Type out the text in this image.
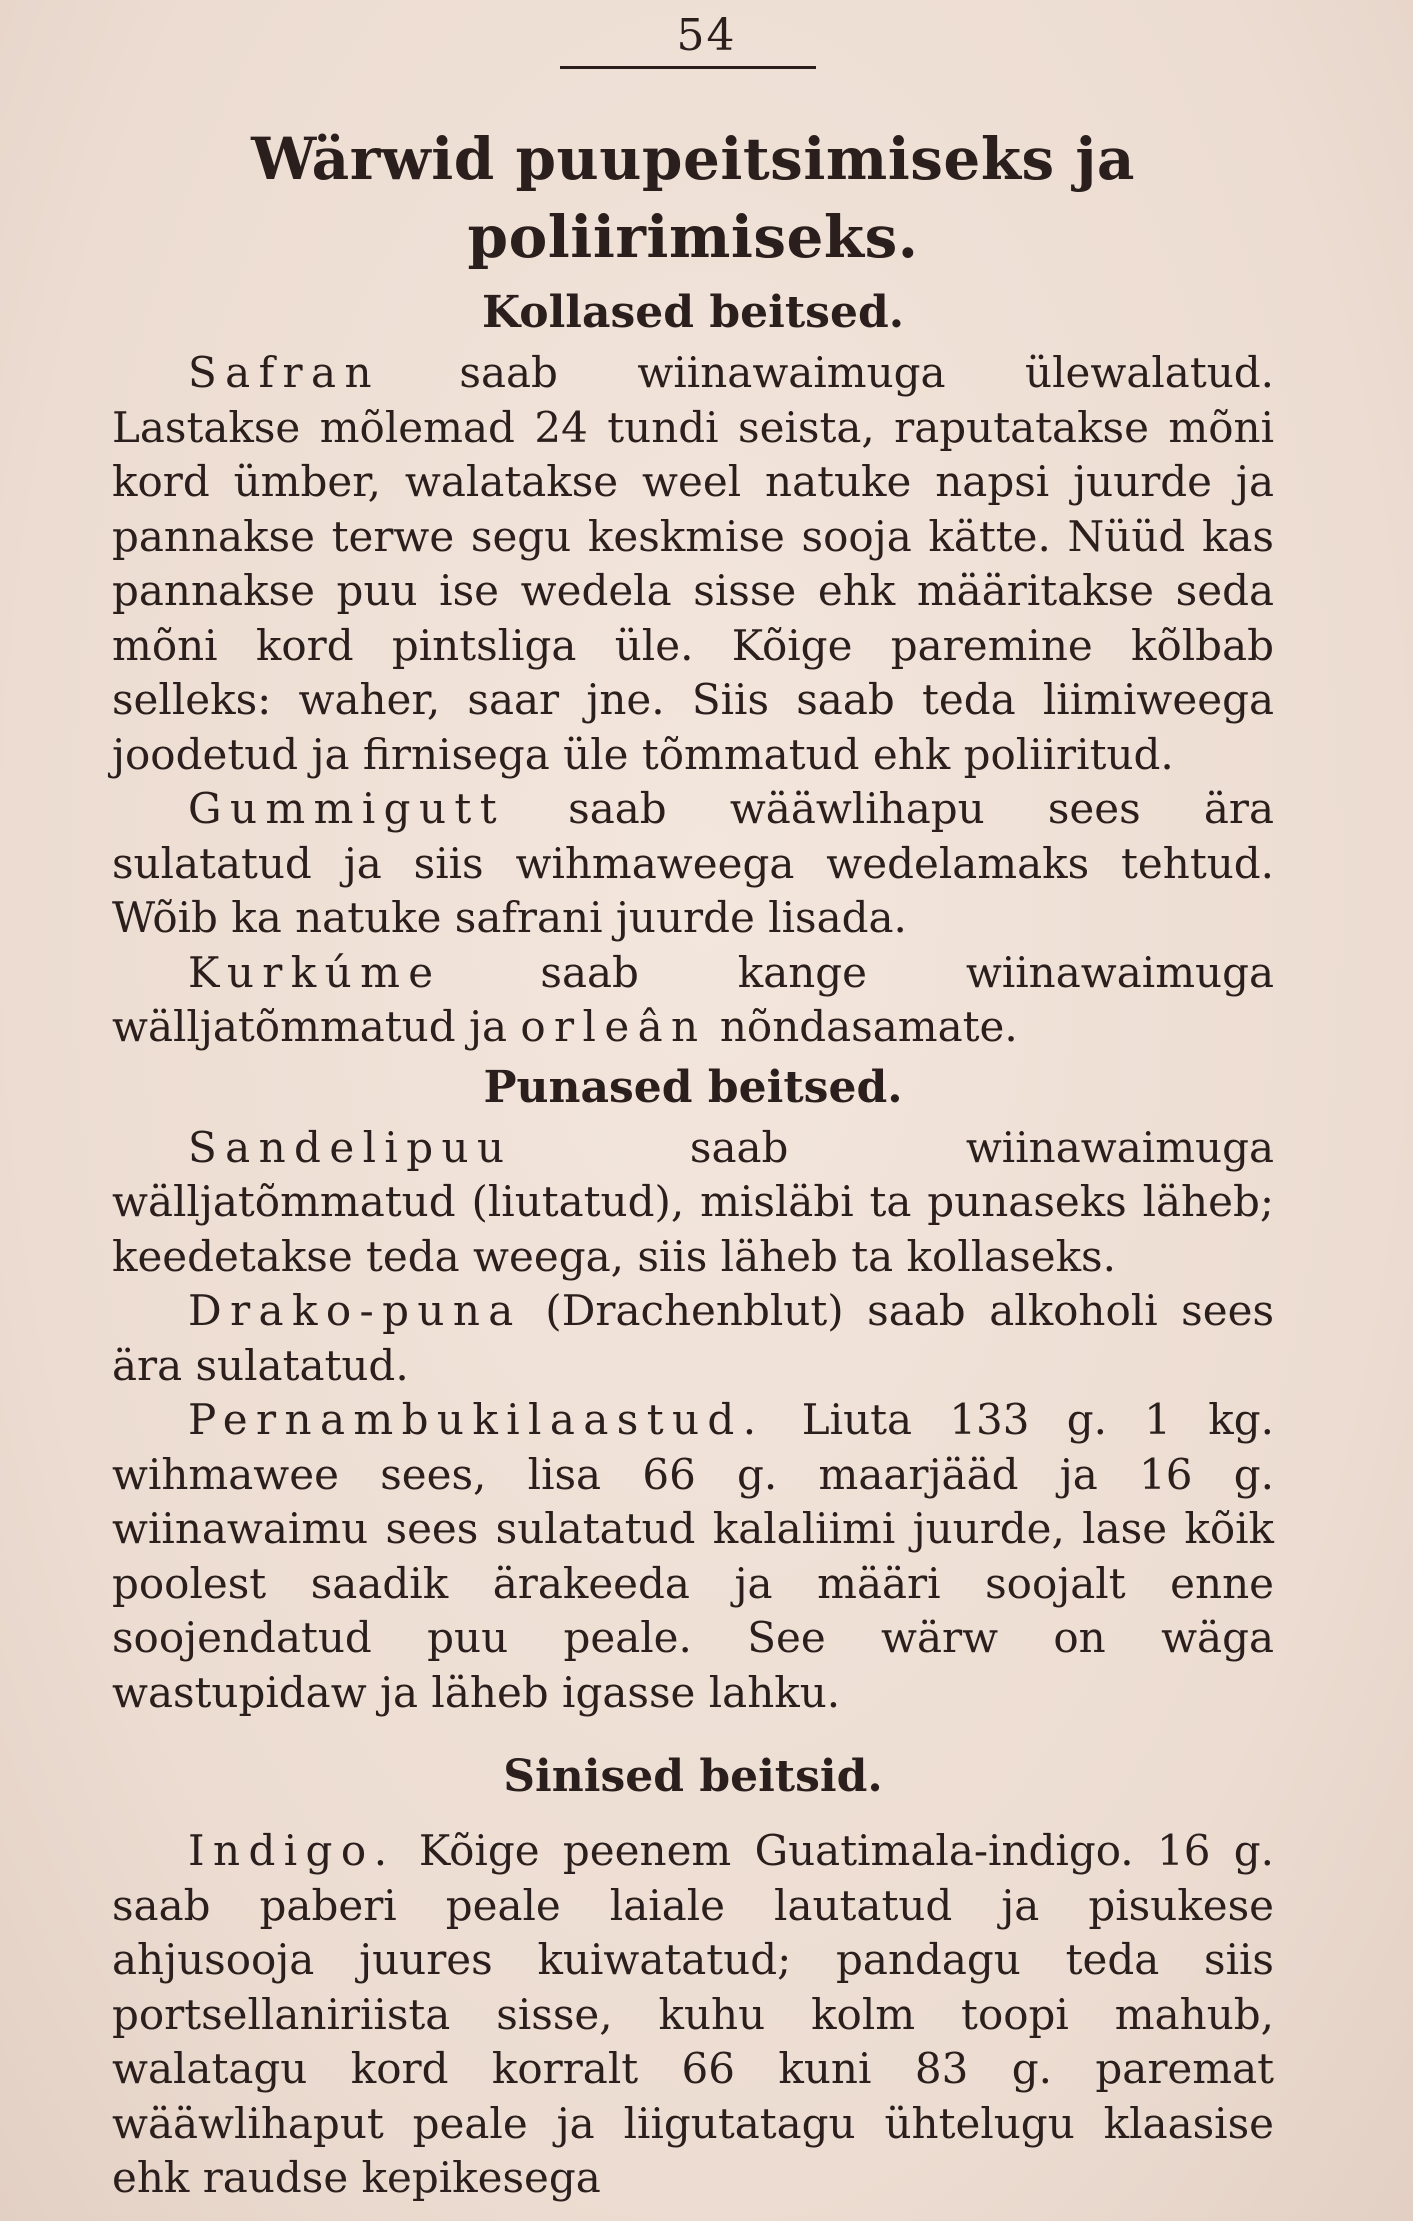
54
Wärwid puupeitsimiseks ja poliirimiseks.
Kollased beitsed.

Safran saab wiinawaimuga ülewalatud. Lastakse mõlemad 24 tundi seista, raputatakse mõni kord ümber, walatakse weel natuke napsi juurde ja pannakse terwe segu keskmise sooja kätte. Nüüd kas pannakse puu ise wedela sisse ehk määritakse seda mõni kord pintsliga üle. Kõige paremine kõlbab selleks: waher, saar jne. Siis saab teda liimiweega joodetud ja firnisega üle tõmmatud ehk poliiritud.

Gummigutt saab wääwlihapu sees ära sulatatud ja siis wihmaweega wedelamaks tehtud. Wõib ka natuke safrani juurde lisada.

Kurkúme saab kange wiinawaimuga wälljatõmmatud ja orleân nõndasamate.

Punased beitsed.

Sandelipuu saab wiinawaimuga wälljatõmmatud (liutatud), misläbi ta punaseks läheb; keedetakse teda weega, siis läheb ta kollaseks.

Drako-puna (Drachenblut) saab alkoholi sees ära sulatatud.

Pernambukilaastud. Liuta 133 g. 1 kg. wihmawee sees, lisa 66 g. maarjääd ja 16 g. wiinawaimu sees sulatatud kalaliimi juurde, lase kõik poolest saadik ärakeeda ja määri soojalt enne soojendatud puu peale. See wärw on wäga wastupidaw ja läheb igasse lahku.

Sinised beitsid.

Indigo. Kõige peenem Guatimala-indigo. 16 g. saab paberi peale laiale lautatud ja pisukese ahjusooja juures kuiwatatud; pandagu teda siis portsellaniriista sisse, kuhu kolm toopi mahub, walatagu kord korralt 66 kuni 83 g. paremat wääwlihaput peale ja liigutatagu ühtelugu klaasise ehk raudse kepikesega
